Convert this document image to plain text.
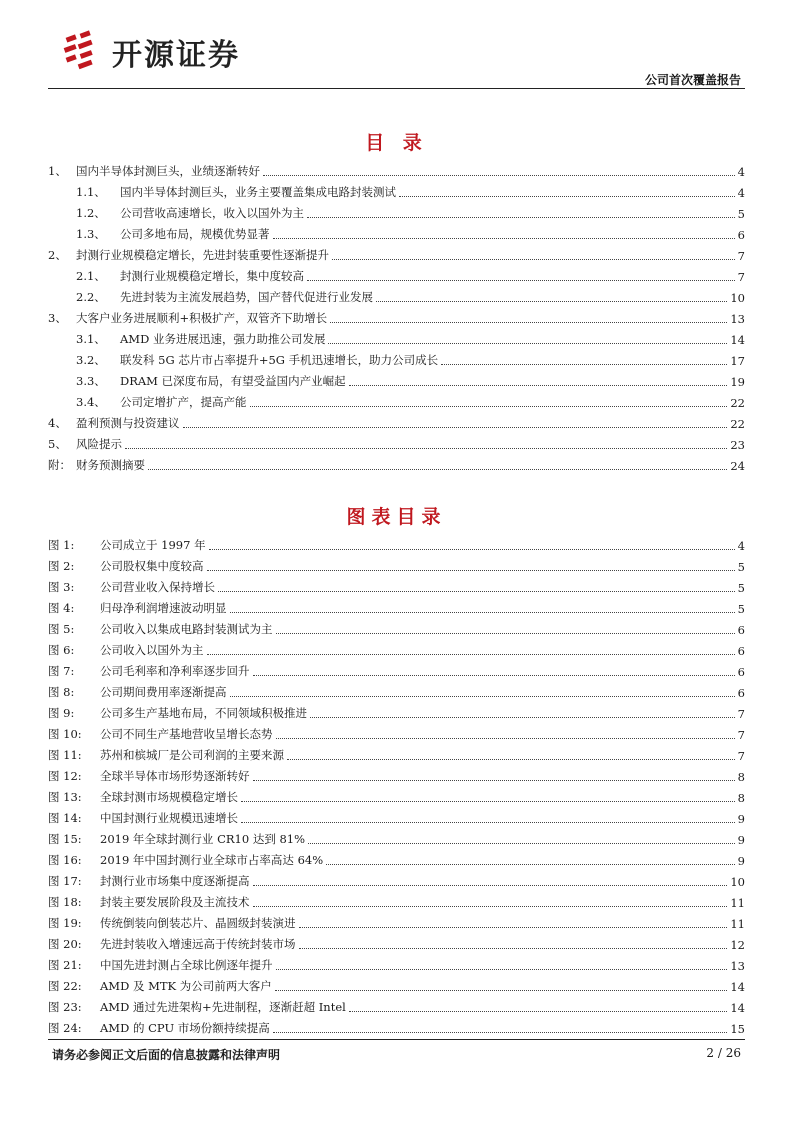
开源证券
公司首次覆盖报告
目 录
1、 国内半导体封测巨头，业绩逐渐转好	4
1.1、	国内半导体封测巨头，业务主要覆盖集成电路封装测试	4
1.2、	公司营收高速增长，收入以国外为主	5
1.3、	公司多地布局，规模优势显著	6
2、 封测行业规模稳定增长，先进封装重要性逐渐提升	7
2.1、	封测行业规模稳定增长，集中度较高	7
2.2、	先进封装为主流发展趋势，国产替代促进行业发展	10
3、 大客户业务进展顺利+积极扩产，双管齐下助增长	13
3.1、	AMD 业务进展迅速，强力助推公司发展	14
3.2、	联发科 5G 芯片市占率提升+5G 手机迅速增长，助力公司成长	17
3.3、	DRAM 已深度布局，有望受益国内产业崛起	19
3.4、	公司定增扩产，提高产能	22
4、 盈利预测与投资建议	22
5、 风险提示	23
附： 财务预测摘要	24
图表目录
图 1:	公司成立于 1997 年	4
图 2:	公司股权集中度较高	5
图 3:	公司营业收入保持增长	5
图 4:	归母净利润增速波动明显	5
图 5:	公司收入以集成电路封装测试为主	6
图 6:	公司收入以国外为主	6
图 7:	公司毛利率和净利率逐步回升	6
图 8:	公司期间费用率逐渐提高	6
图 9:	公司多生产基地布局，不同领域积极推进	7
图 10:	公司不同生产基地营收呈增长态势	7
图 11:	苏州和槟城厂是公司利润的主要来源	7
图 12:	全球半导体市场形势逐渐转好	8
图 13:	全球封测市场规模稳定增长	8
图 14:	中国封测行业规模迅速增长	9
图 15:	2019 年全球封测行业 CR10 达到 81%	9
图 16:	2019 年中国封测行业全球市占率高达 64%	9
图 17:	封测行业市场集中度逐渐提高	10
图 18:	封装主要发展阶段及主流技术	11
图 19:	传统倒装向倒装芯片、晶圆级封装演进	11
图 20:	先进封装收入增速远高于传统封装市场	12
图 21:	中国先进封测占全球比例逐年提升	13
图 22:	AMD 及 MTK 为公司前两大客户	14
图 23:	AMD 通过先进架构+先进制程，逐渐赶超 Intel	14
图 24:	AMD 的 CPU 市场份额持续提高	15
请务必参阅正文后面的信息披露和法律声明	2 / 26
